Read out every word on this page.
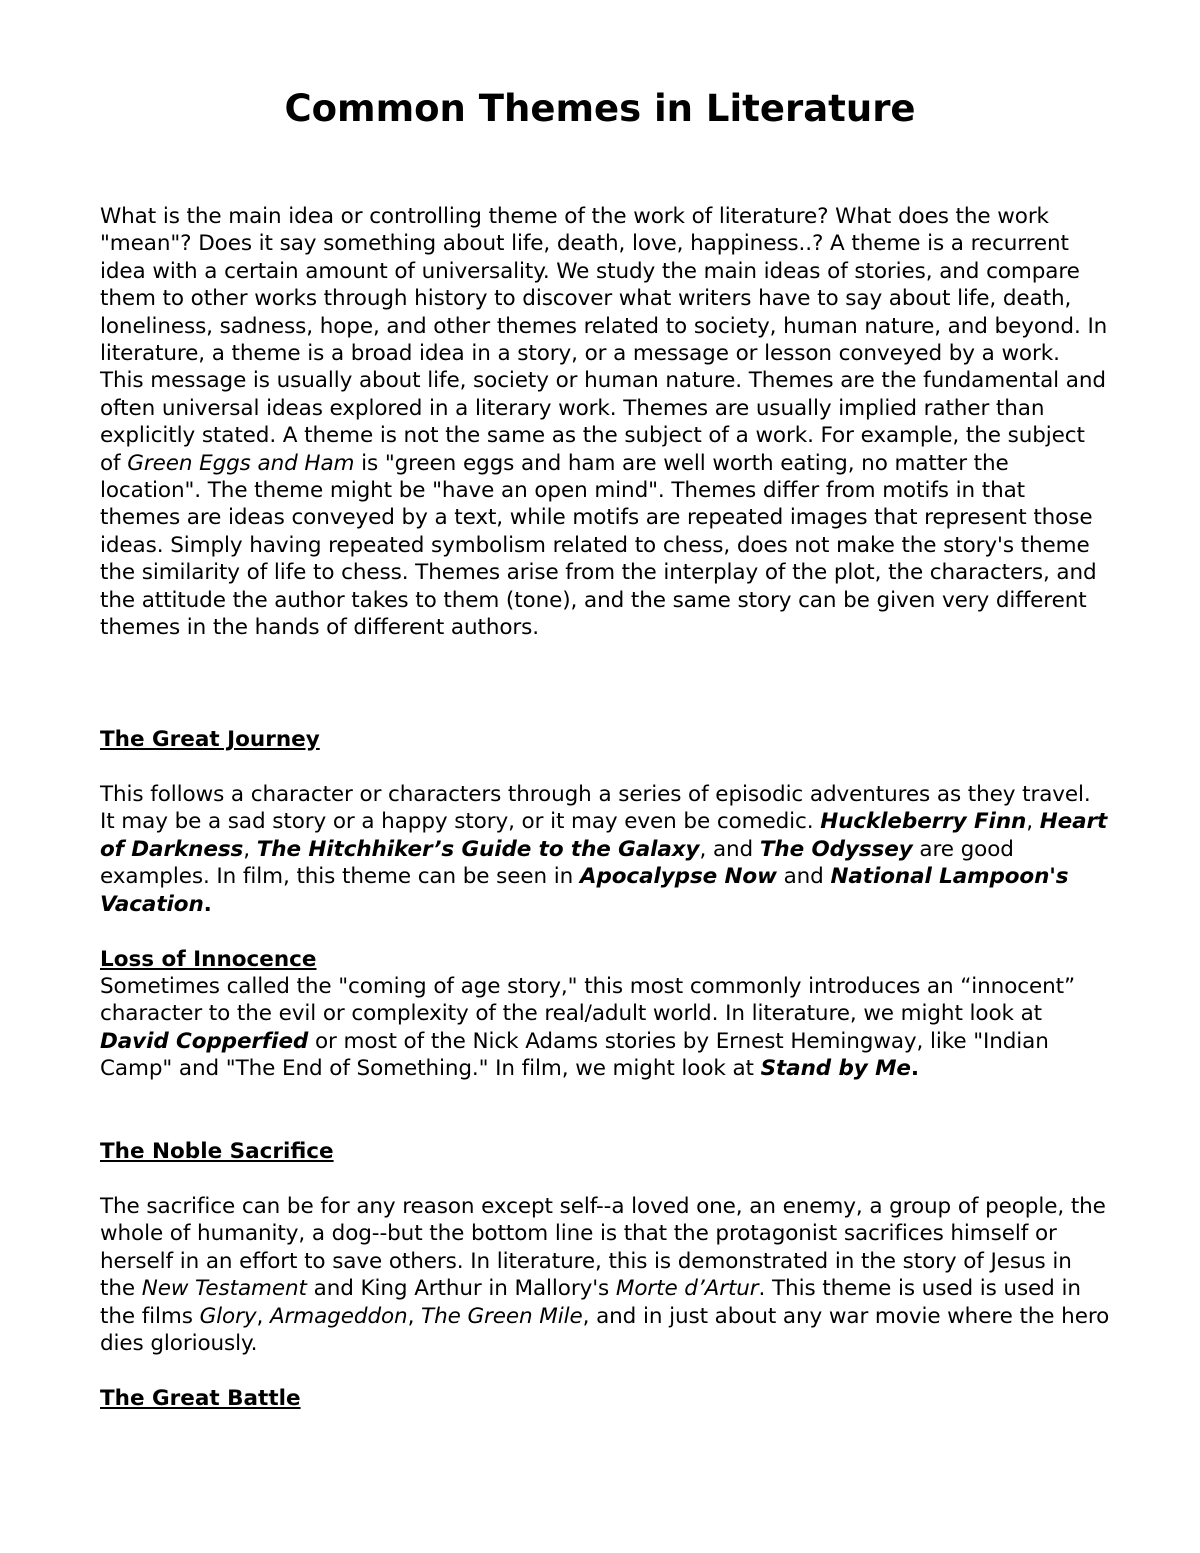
Common Themes in Literature

What is the main idea or controlling theme of the work of literature? What does the work "mean"? Does it say something about life, death, love, happiness..? A theme is a recurrent idea with a certain amount of universality. We study the main ideas of stories, and compare them to other works through history to discover what writers have to say about life, death, loneliness, sadness, hope, and other themes related to society, human nature, and beyond. In literature, a theme is a broad idea in a story, or a message or lesson conveyed by a work. This message is usually about life, society or human nature. Themes are the fundamental and often universal ideas explored in a literary work. Themes are usually implied rather than explicitly stated. A theme is not the same as the subject of a work. For example, the subject of Green Eggs and Ham is "green eggs and ham are well worth eating, no matter the location". The theme might be "have an open mind". Themes differ from motifs in that themes are ideas conveyed by a text, while motifs are repeated images that represent those ideas. Simply having repeated symbolism related to chess, does not make the story's theme the similarity of life to chess. Themes arise from the interplay of the plot, the characters, and the attitude the author takes to them (tone), and the same story can be given very different themes in the hands of different authors.

The Great Journey

This follows a character or characters through a series of episodic adventures as they travel. It may be a sad story or a happy story, or it may even be comedic. Huckleberry Finn, Heart of Darkness, The Hitchhiker’s Guide to the Galaxy, and The Odyssey are good examples. In film, this theme can be seen in Apocalypse Now and National Lampoon's Vacation.

Loss of Innocence

Sometimes called the "coming of age story," this most commonly introduces an “innocent” character to the evil or complexity of the real/adult world. In literature, we might look at David Copperfied or most of the Nick Adams stories by Ernest Hemingway, like "Indian Camp" and "The End of Something." In film, we might look at Stand by Me.

The Noble Sacrifice

The sacrifice can be for any reason except self--a loved one, an enemy, a group of people, the whole of humanity, a dog--but the bottom line is that the protagonist sacrifices himself or herself in an effort to save others. In literature, this is demonstrated in the story of Jesus in the New Testament and King Arthur in Mallory's Morte d’Artur. This theme is used is used in the films Glory, Armageddon, The Green Mile, and in just about any war movie where the hero dies gloriously.

The Great Battle
